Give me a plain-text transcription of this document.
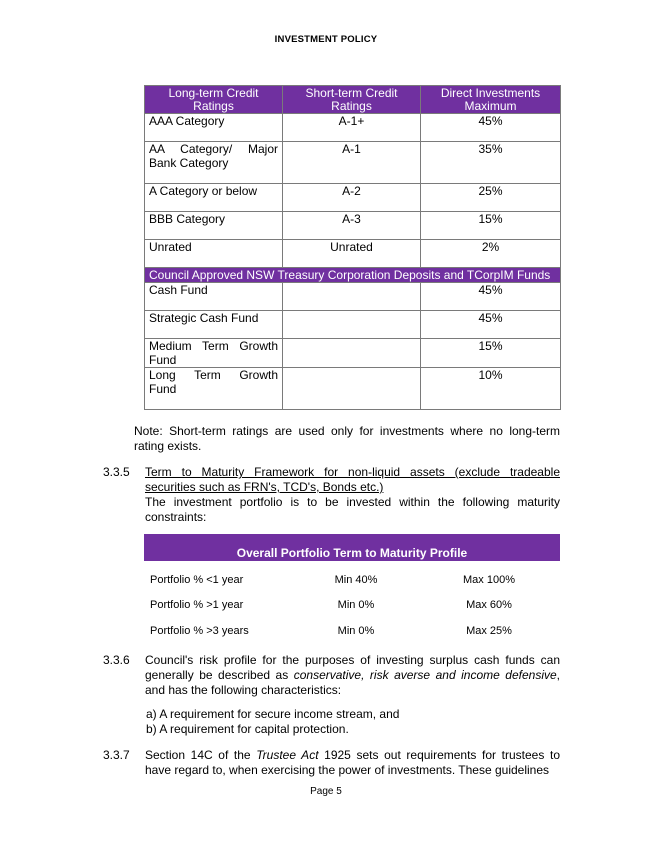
INVESTMENT POLICY
Long-term Credit Ratings	Short-term Credit Ratings	Direct Investments Maximum
AAA Category	A-1+	45%
AA Category/ Major Bank Category	A-1	35%
A Category or below	A-2	25%
BBB Category	A-3	15%
Unrated	Unrated	2%
Council Approved NSW Treasury Corporation Deposits and TCorpIM Funds		
Cash Fund		45%
Strategic Cash Fund		45%
Medium Term Growth Fund		15%
Long Term Growth Fund		10%
Note: Short-term ratings are used only for investments where no long-term rating exists.
3.3.5 Term to Maturity Framework for non-liquid assets (exclude tradeable securities such as FRN's, TCD's, Bonds etc.)
The investment portfolio is to be invested within the following maturity constraints:
Overall Portfolio Term to Maturity Profile
Portfolio % <1 year	Min 40%	Max 100%
Portfolio % >1 year	Min 0%	Max 60%
Portfolio % >3 years	Min 0%	Max 25%
3.3.6 Council's risk profile for the purposes of investing surplus cash funds can generally be described as conservative, risk averse and income defensive, and has the following characteristics:
a) A requirement for secure income stream, and
b) A requirement for capital protection.
3.3.7 Section 14C of the Trustee Act 1925 sets out requirements for trustees to have regard to, when exercising the power of investments. These guidelines
Page 5
